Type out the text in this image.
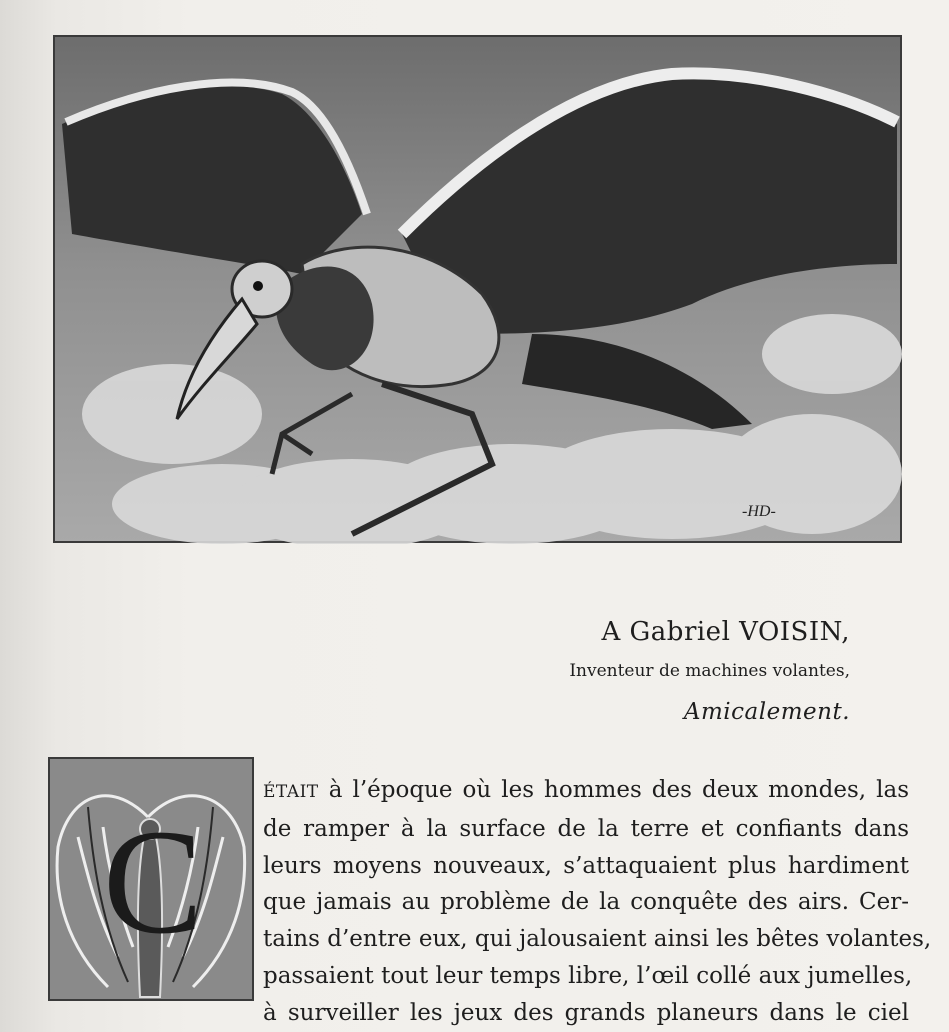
-HD-
A Gabriel VOISIN,
Inventeur de machines volantes,
Amicalement.
C
ÉTAIT à l’époque où les hommes des deux mondes, las
de ramper à la surface de la terre et confiants dans
leurs moyens nouveaux, s’attaquaient plus hardiment
que jamais au problème de la conquête des airs. Cer-
tains d’entre eux, qui jalousaient ainsi les bêtes volantes,
passaient tout leur temps libre, l’œil collé aux jumelles,
à surveiller les jeux des grands planeurs dans le ciel
